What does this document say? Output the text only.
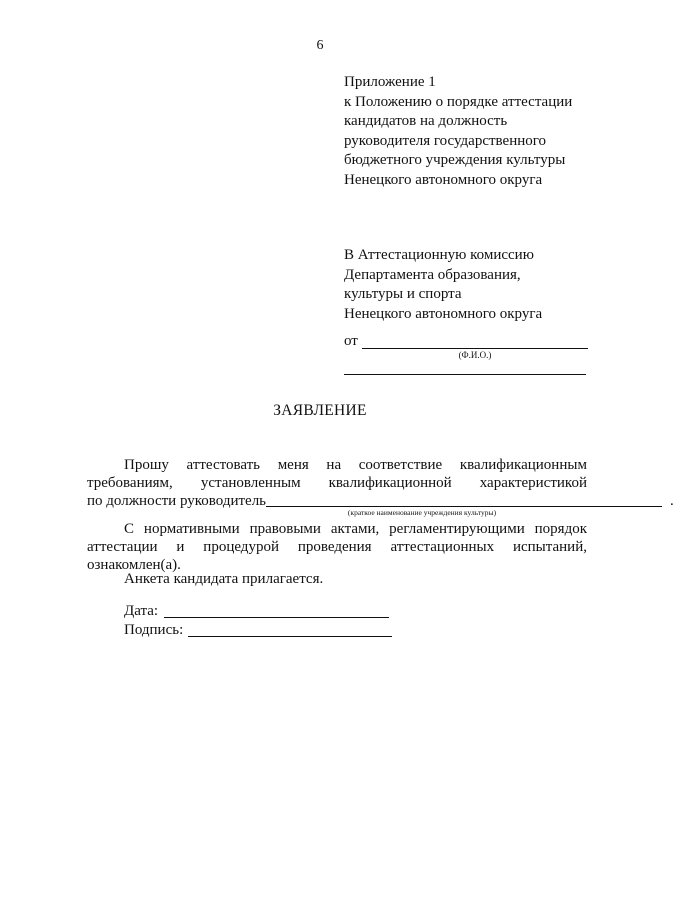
6
Приложение 1
к Положению о порядке аттестации
кандидатов на должность
руководителя государственного
бюджетного учреждения культуры
Ненецкого автономного округа
В Аттестационную комиссию
Департамента образования,
культуры и спорта
Ненецкого автономного округа
от
(Ф.И.О.)
ЗАЯВЛЕНИЕ
Прошу аттестовать меня на соответствие квалификационным
требованиям, установленным квалификационной характеристикой
по должности руководитель	.
(краткое наименование учреждения культуры)
С нормативными правовыми актами, регламентирующими порядок
аттестации и процедурой проведения аттестационных испытаний,
ознакомлен(а).
Анкета кандидата прилагается.
Дата:
Подпись:
